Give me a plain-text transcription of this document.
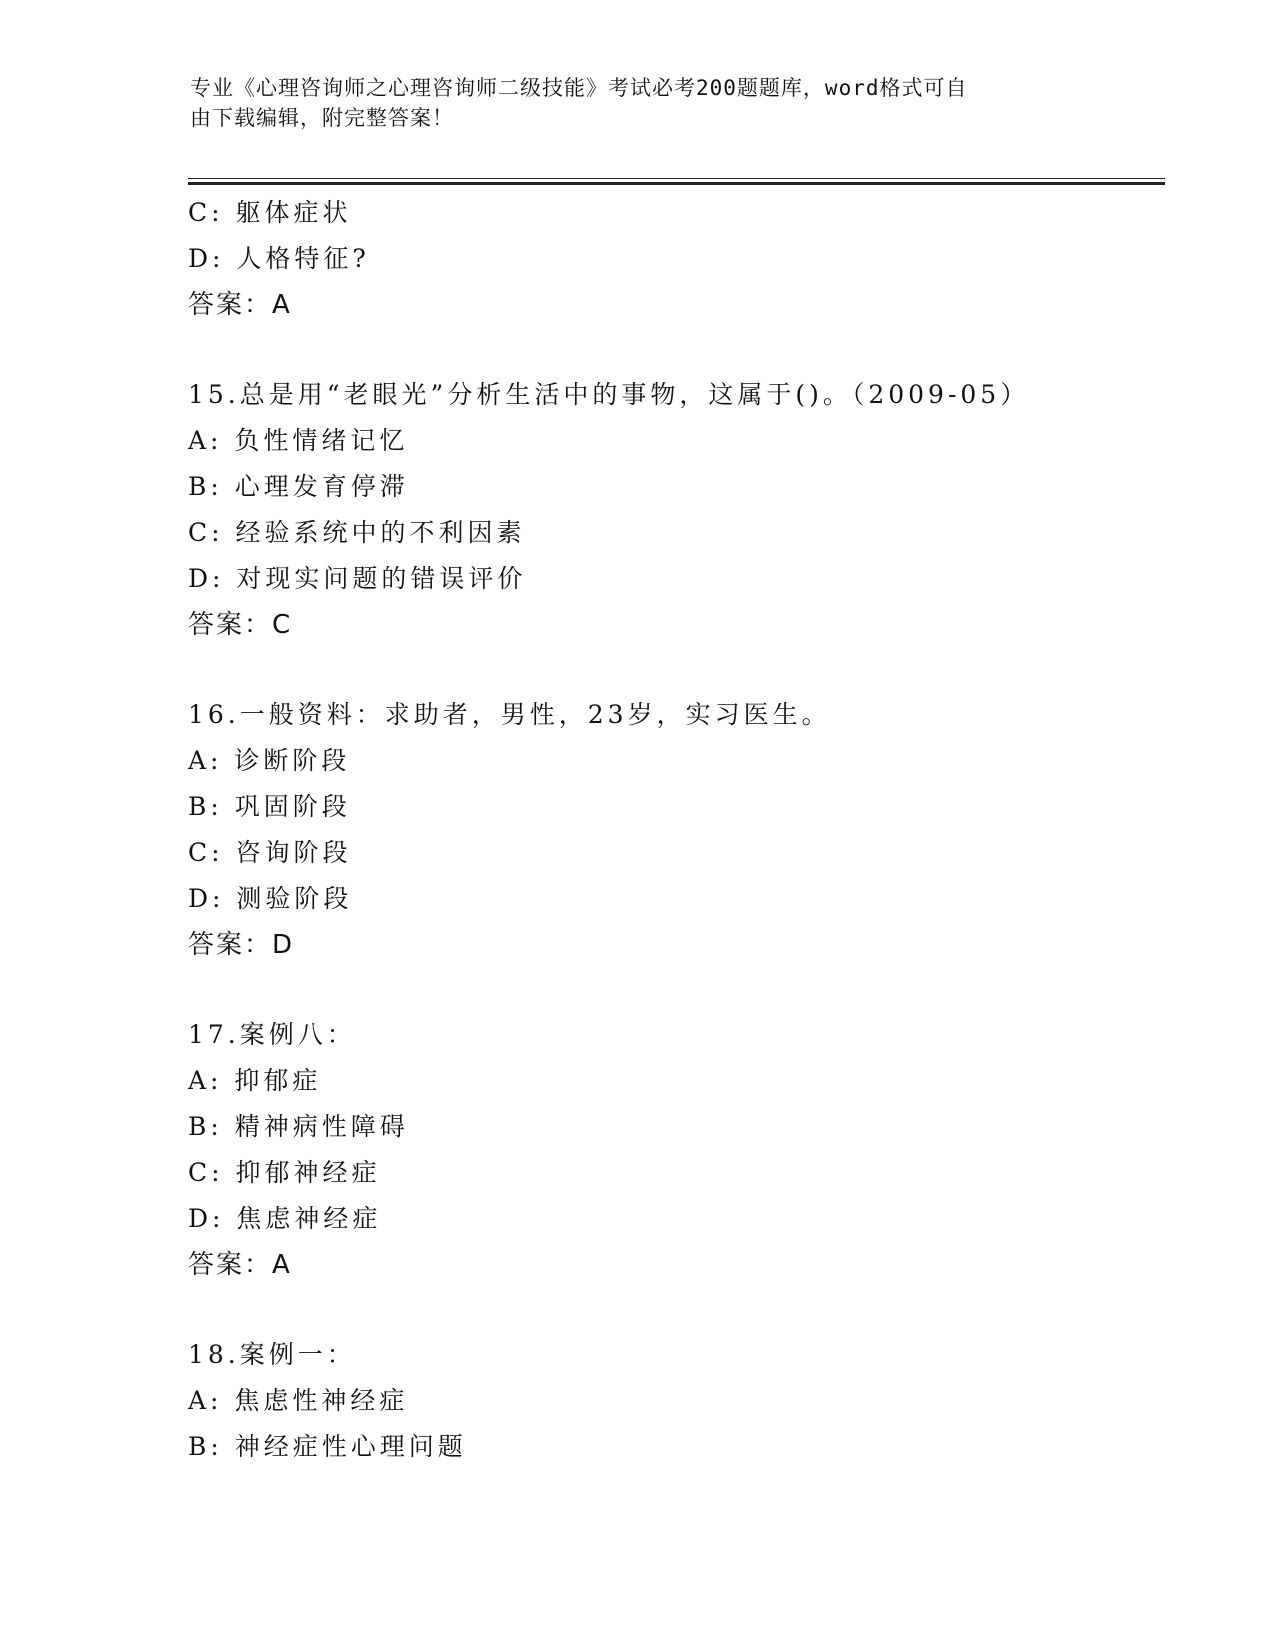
专业《心理咨询师之心理咨询师二级技能》考试必考200题题库，word格式可自
由下载编辑，附完整答案！
C: 躯体症状
D: 人格特征?
答案：A
15.总是用“老眼光”分析生活中的事物，这属于()。（2009-05）
A: 负性情绪记忆
B: 心理发育停滞
C: 经验系统中的不利因素
D: 对现实问题的错误评价
答案：C
16.一般资料：求助者，男性，23岁，实习医生。
A: 诊断阶段
B: 巩固阶段
C: 咨询阶段
D: 测验阶段
答案：D
17.案例八：
A: 抑郁症
B: 精神病性障碍
C: 抑郁神经症
D: 焦虑神经症
答案：A
18.案例一：
A: 焦虑性神经症
B: 神经症性心理问题
